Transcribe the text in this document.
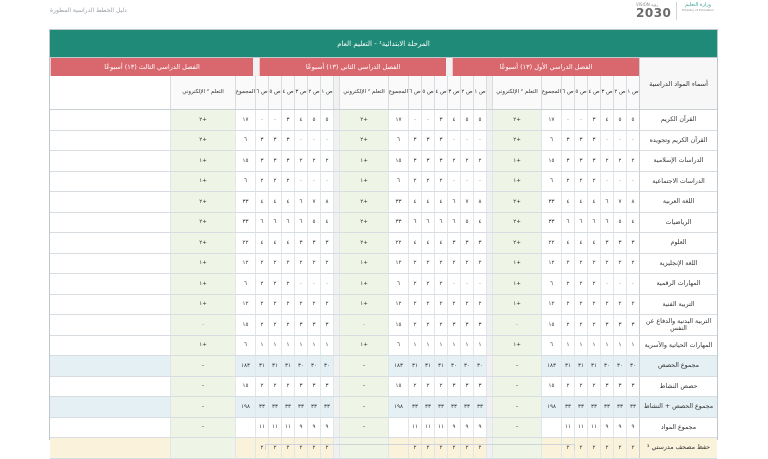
دليل الخطط الدراسية المطورة
VISION رؤية
2030
وزارة التعليم
Ministry of Education
المرحلة الابتدائية¹ - التعليم العام
الفصل الدراسي الأول (١٣) أسبوعًا
الفصل الدراسي الثاني (١٣) أسبوعًا
الفصل الدراسي الثالث (١٣) أسبوعًا
أسماء المواد الدراسية
ص ١
ص ٢
ص ٣
ص ٤
ص ٥
ص ٦
المجموع
التعلم ² الإلكتروني
ص ١
ص ٢
ص ٣
ص ٤
ص ٥
ص ٦
المجموع
التعلم ² الإلكتروني
ص ١
ص ٢
ص ٣
ص ٤
ص ٥
ص ٦
المجموع
التعلم ² الإلكتروني
القرآن الكريم
٥
٥
٤
٣
٠
٠
١٧
+٢
٥
٥
٤
٣
٠
٠
١٧
+٢
٥
٥
٤
٣
٠
٠
١٧
+٢
القرآن الكريم وتجويده
٠
٠
٠
٣
٣
٣
٦
+٢
٠
٠
٠
٣
٣
٣
٦
+٢
٠
٠
٠
٣
٣
٣
٦
+٢
الدراسات الإسلامية
٢
٢
٢
٣
٣
٣
١٥
+١
٢
٢
٢
٣
٣
٣
١٥
+١
٢
٢
٢
٣
٣
٣
١٥
+١
الدراسات الاجتماعية
٠
٠
٠
٢
٢
٢
٦
+١
٠
٠
٠
٢
٢
٢
٦
+١
٠
٠
٠
٢
٢
٢
٦
+١
اللغة العربية
٨
٧
٦
٤
٤
٤
٣٣
+٢
٨
٧
٦
٤
٤
٤
٣٣
+٢
٨
٧
٦
٤
٤
٤
٣٣
+٢
الرياضيات
٤
٥
٦
٦
٦
٦
٣٣
+٢
٤
٥
٦
٦
٦
٦
٣٣
+٢
٤
٥
٦
٦
٦
٦
٣٣
+٢
العلوم
٣
٣
٣
٤
٤
٤
٢٢
+٢
٣
٣
٣
٤
٤
٤
٢٢
+٢
٣
٣
٣
٤
٤
٤
٢٢
+٢
اللغة الإنجليزية
٢
٢
٢
٢
٢
٢
١٢
+١
٢
٢
٢
٢
٢
٢
١٢
+١
٢
٢
٢
٢
٢
٢
١٢
+١
المهارات الرقمية
٠
٠
٠
٢
٢
٢
٦
+١
٠
٠
٠
٢
٢
٢
٦
+١
٠
٠
٠
٢
٢
٢
٦
+١
التربية الفنية
٢
٢
٢
٢
٢
٢
١٢
+١
٢
٢
٢
٢
٢
٢
١٢
+١
٢
٢
٢
٢
٢
٢
١٢
+١
التربية البدنية والدفاع عن النفس
٣
٣
٣
٢
٢
٢
١٥
٠
٣
٣
٣
٢
٢
٢
١٥
٠
٣
٣
٣
٢
٢
٢
١٥
٠
المهارات الحياتية والأسرية
١
١
١
١
١
١
٦
+١
١
١
١
١
١
١
٦
+١
١
١
١
١
١
١
٦
+١
مجموع الحصص
٣٠
٣٠
٣٠
٣١
٣١
٣١
١٨٣
–
٣٠
٣٠
٣٠
٣١
٣١
٣١
١٨٣
–
٣٠
٣٠
٣٠
٣١
٣١
٣١
١٨٣
–
حصص النشاط
٣
٣
٣
٢
٢
٢
١٥
–
٣
٣
٣
٢
٢
٢
١٥
–
٣
٣
٣
٢
٢
٢
١٥
–
مجموع الحصص + النشاط
٣٣
٣٣
٣٣
٣٣
٣٣
٣٣
١٩٨
–
٣٣
٣٣
٣٣
٣٣
٣٣
٣٣
١٩٨
–
٣٣
٣٣
٣٣
٣٣
٣٣
٣٣
١٩٨
–
مجموع المواد
٩
٩
٩
١١
١١
١١
–
٩
٩
٩
١١
١١
١١
–
٩
٩
٩
١١
١١
١١
–
حفظ مصحف مدرستي ³
٢
٢
٢
٢
٢
٢
٢
٢
٢
٢
٢
٢
٢
٢
٢
٢
٢
٢
